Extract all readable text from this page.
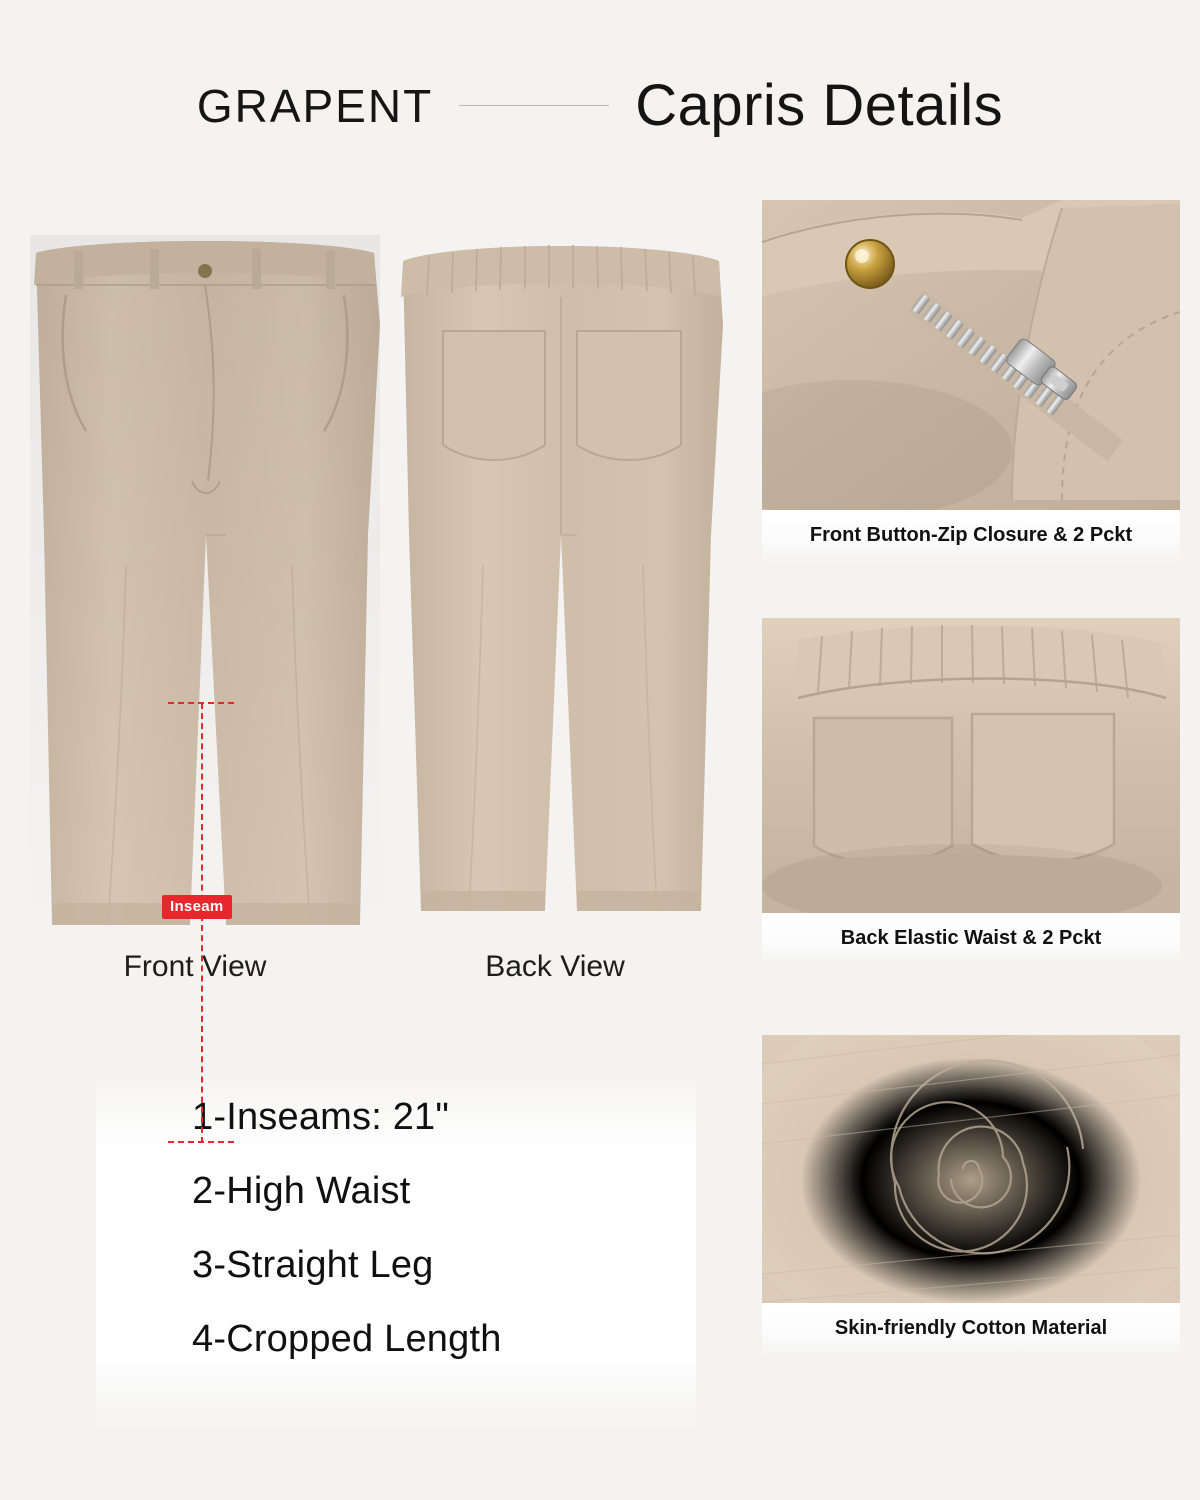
GRAPENT	Capris Details
Inseam
Front View	Back View
Front Button-Zip Closure & 2 Pckt
Back Elastic Waist & 2 Pckt
Skin-friendly Cotton Material
1-Inseams: 21"
2-High Waist
3-Straight Leg
4-Cropped Length
